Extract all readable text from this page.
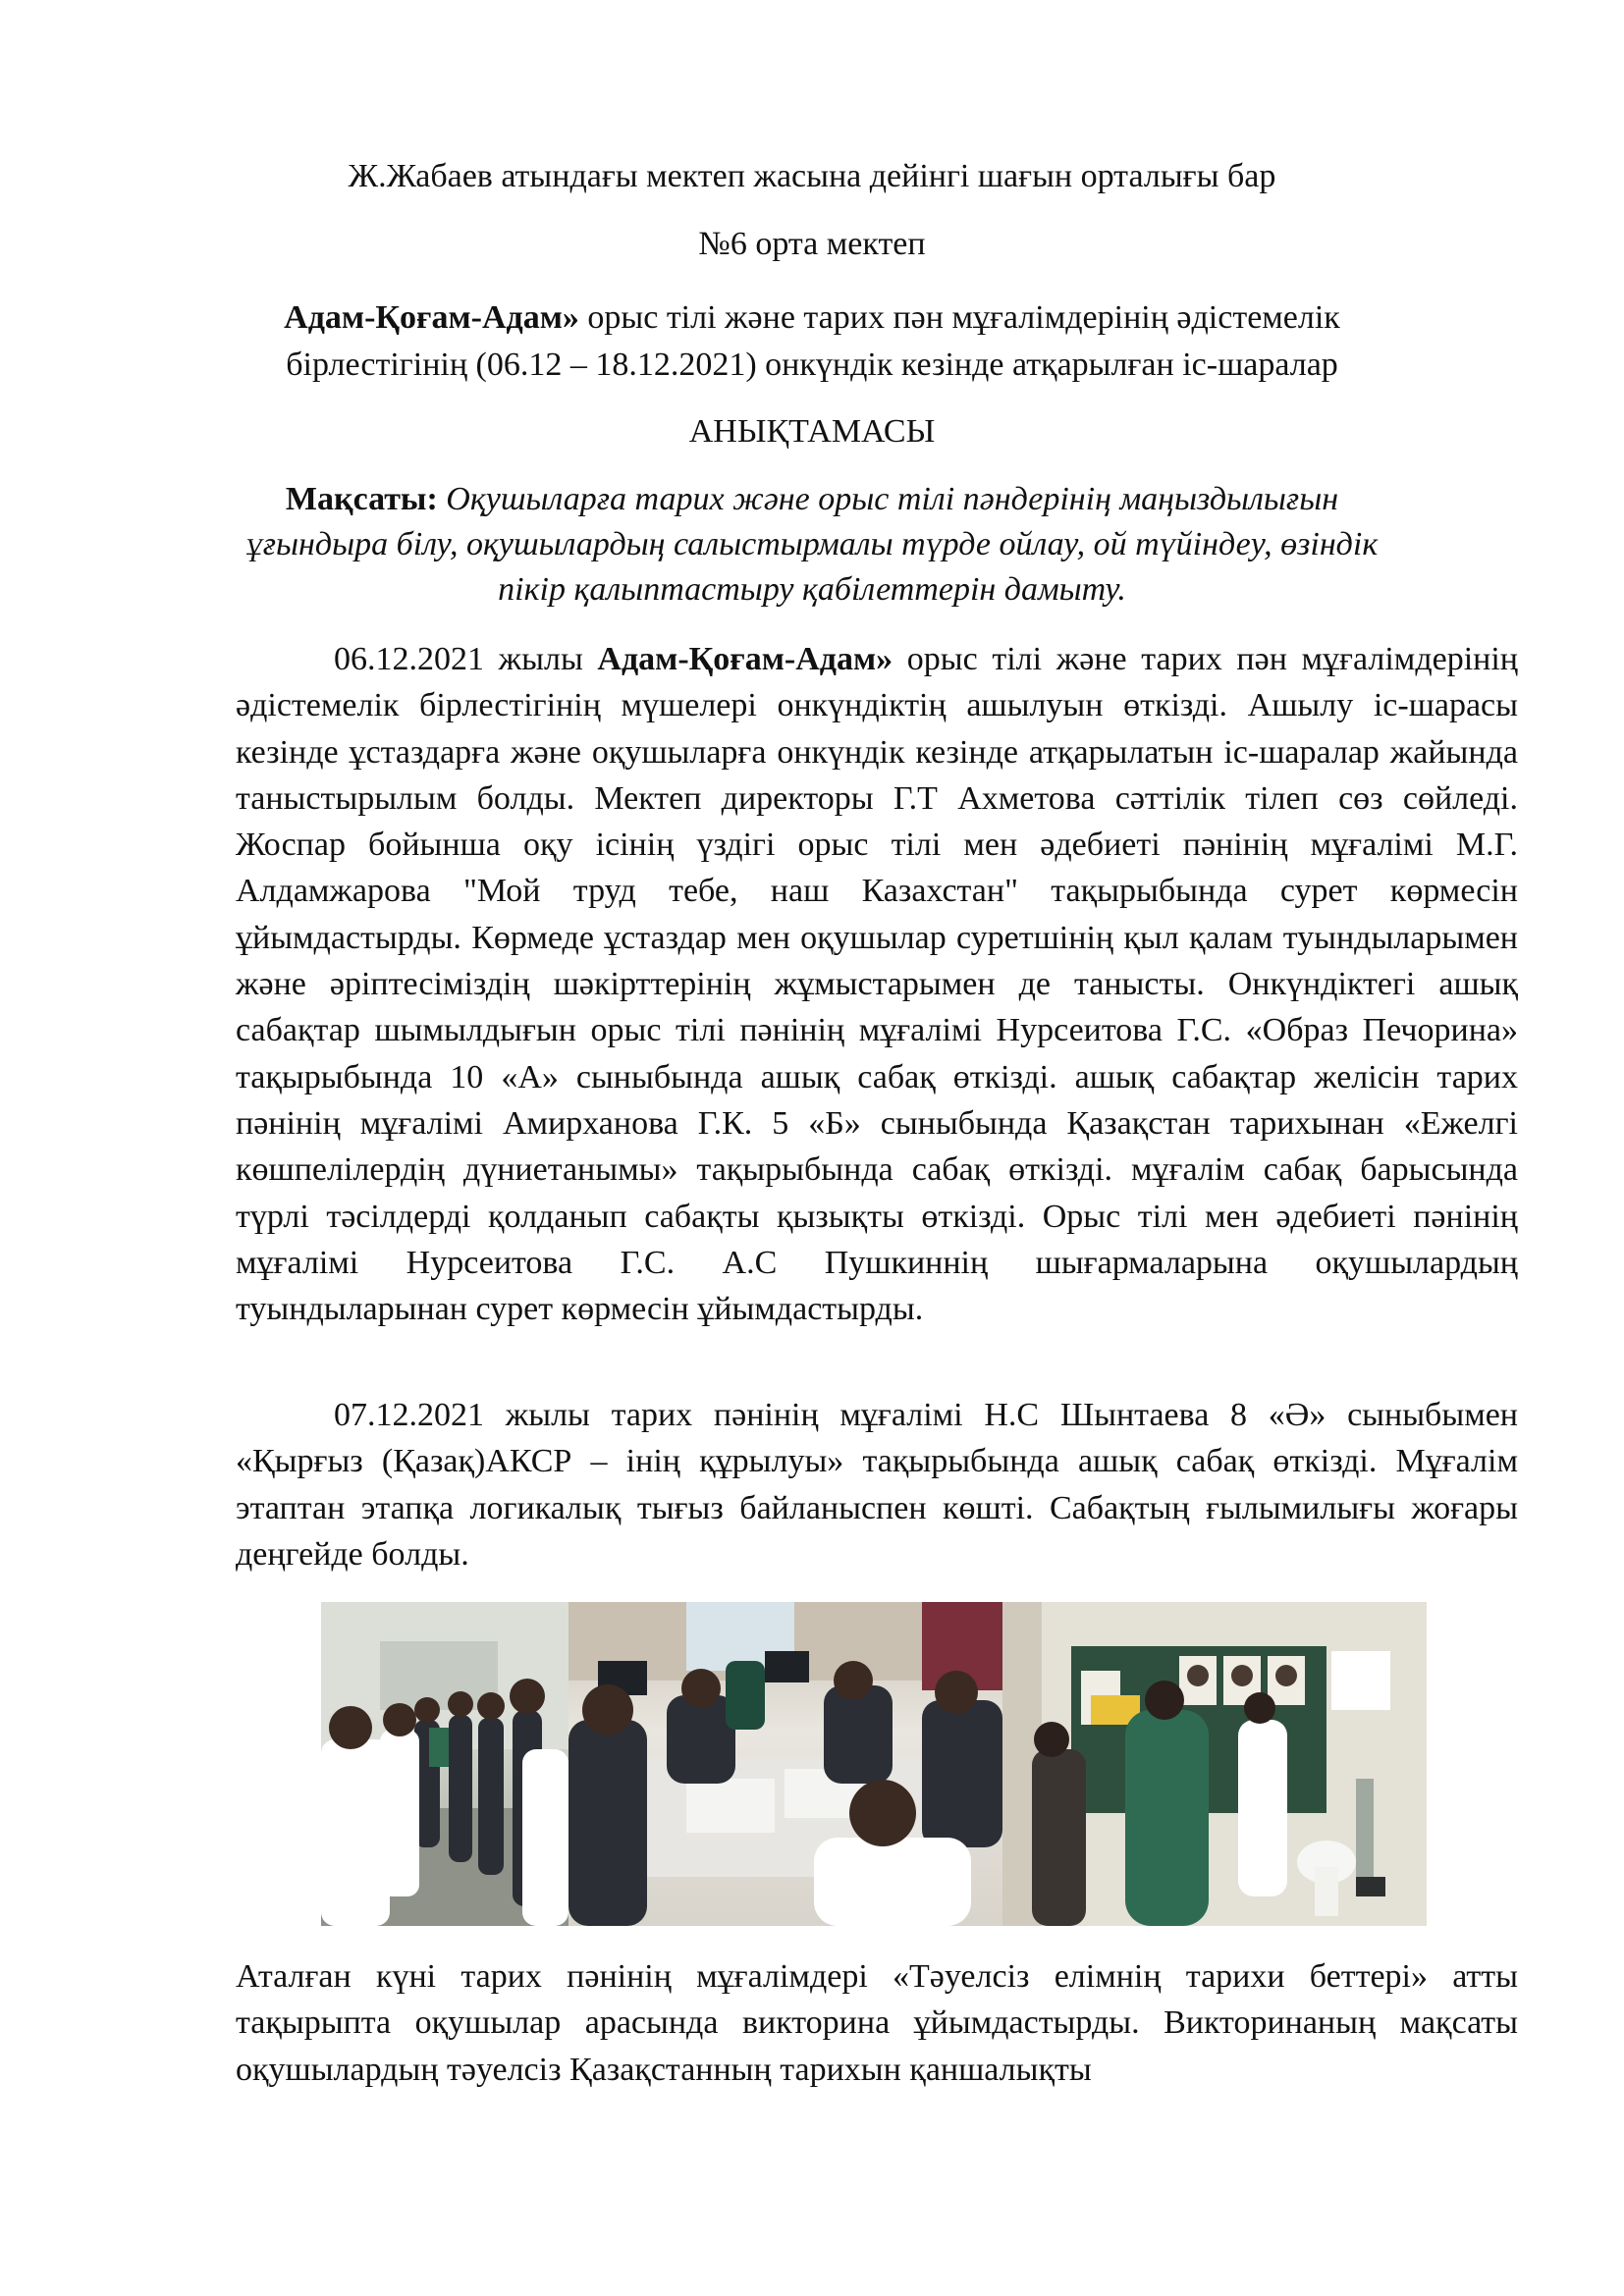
Ж.Жабаев атындағы мектеп жасына дейінгі шағын орталығы бар
№6 орта мектеп
Адам-Қоғам-Адам» орыс тілі және тарих пән мұғалімдерінің әдістемелік бірлестігінің (06.12 – 18.12.2021) онкүндік кезінде атқарылған іс-шаралар
АНЫҚТАМАСЫ
Мақсаты: Оқушыларға тарих және орыс тілі пәндерінің маңыздылығын ұғындыра білу, оқушылардың салыстырмалы түрде ойлау, ой түйіндеу, өзіндік пікір қалыптастыру қабілеттерін дамыту.
06.12.2021 жылы Адам-Қоғам-Адам» орыс тілі және тарих пән мұғалімдерінің әдістемелік бірлестігінің мүшелері онкүндіктің ашылуын өткізді. Ашылу іс-шарасы кезінде ұстаздарға және оқушыларға онкүндік кезінде атқарылатын іс-шаралар жайында таныстырылым болды. Мектеп директоры Г.Т Ахметова сәттілік тілеп сөз сөйледі. Жоспар бойынша оқу ісінің үздігі орыс тілі мен әдебиеті пәнінің мұғалімі М.Г. Алдамжарова "Мой труд тебе, наш Казахстан" тақырыбында сурет көрмесін ұйымдастырды. Көрмеде ұстаздар мен оқушылар суретшінің қыл қалам туындыларымен және әріптесіміздің шәкірттерінің жұмыстарымен де танысты. Онкүндіктегі ашық сабақтар шымылдығын орыс тілі пәнінің мұғалімі Нурсеитова Г.С. «Образ Печорина» тақырыбында 10 «А» сыныбында ашық сабақ өткізді. ашық сабақтар желісін тарих пәнінің мұғалімі Амирханова Г.К. 5 «Б» сыныбында Қазақстан тарихынан «Ежелгі көшпелілердің дүниетанымы» тақырыбында сабақ өткізді. мұғалім сабақ барысында түрлі тәсілдерді қолданып сабақты қызықты өткізді. Орыс тілі мен әдебиеті пәнінің мұғалімі Нурсеитова Г.С. А.С Пушкиннің шығармаларына оқушылардың туындыларынан сурет көрмесін ұйымдастырды.
07.12.2021 жылы тарих пәнінің мұғалімі Н.С Шынтаева 8 «Ә» сыныбымен «Қырғыз (Қазақ)АКСР – інің құрылуы» тақырыбында ашық сабақ өткізді. Мұғалім этаптан этапқа логикалық тығыз байланыспен көшті. Сабақтың ғылымилығы жоғары деңгейде болды.
Аталған күні тарих пәнінің мұғалімдері «Тәуелсіз елімнің тарихи беттері» атты тақырыпта оқушылар арасында викторина ұйымдастырды. Викторинаның мақсаты оқушылардың тәуелсіз Қазақстанның тарихын қаншалықты
